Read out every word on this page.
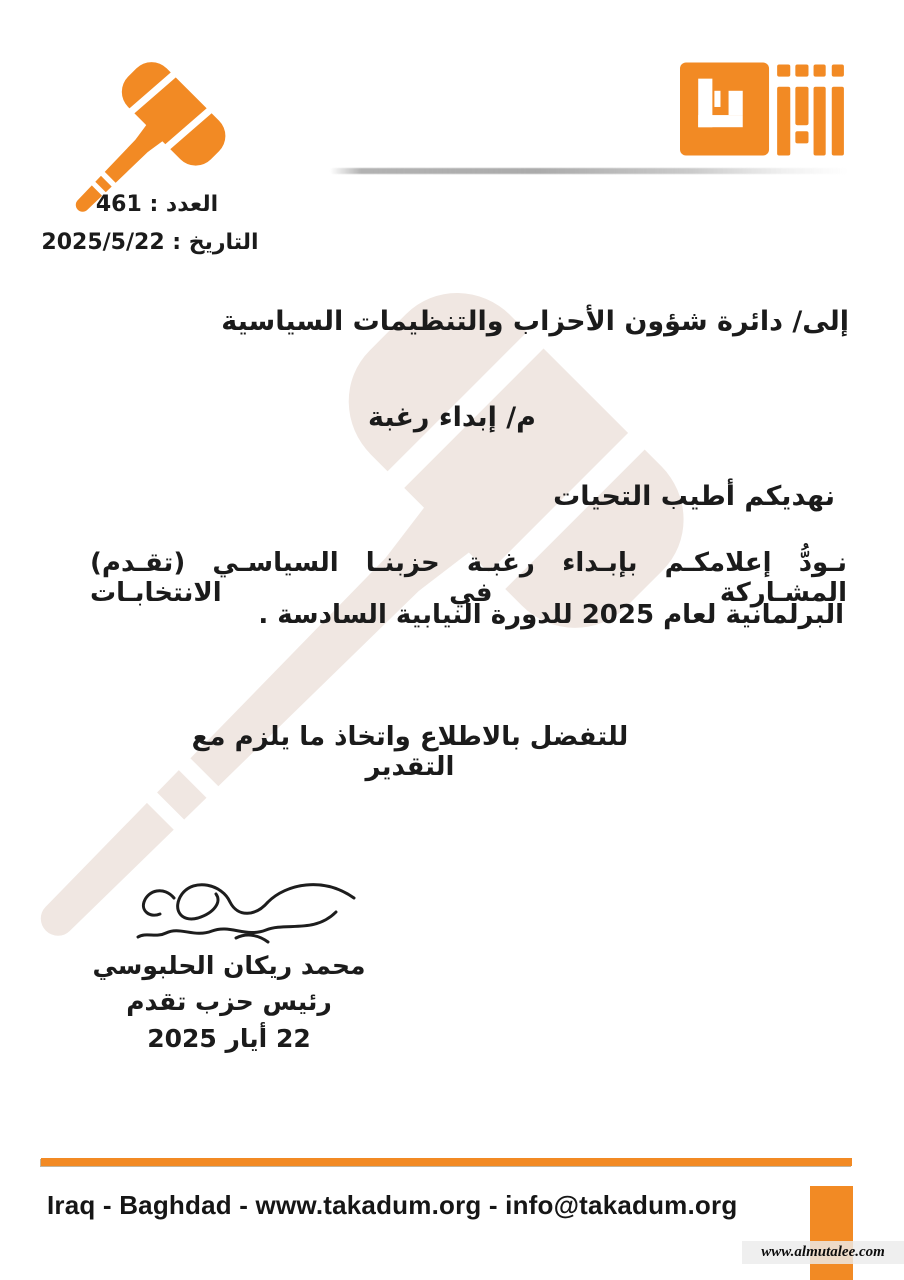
العدد : 461
التاريخ : 2025/5/22
إلى/ دائرة شؤون الأحزاب والتنظيمات السياسية
م/ إبداء رغبة
نهديكم أطيب التحيات
نـودُّ إعلامكـم بإبـداء رغبـة حزبنـا السياسـي (تقـدم) المشـاركة في الانتخابـات
البرلمانية لعام 2025 للدورة النيابية السادسة .
للتفضل بالاطلاع واتخاذ ما يلزم مع التقدير
محمد ريكان الحلبوسي
رئيس حزب تقدم
22 أيار 2025
Iraq - Baghdad - www.takadum.org - info@takadum.org
www.almutalee.com
